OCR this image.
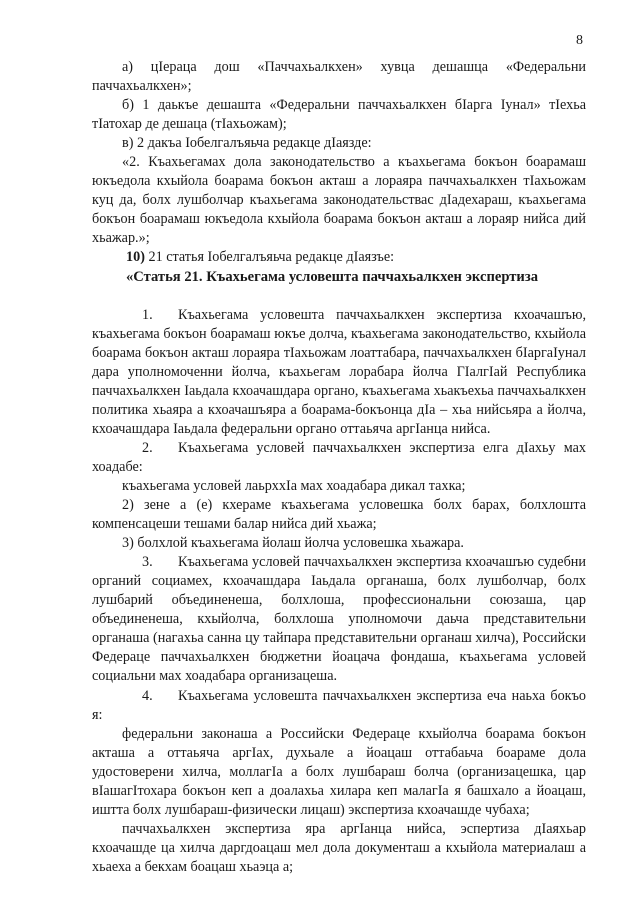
8

а) цIераца дош «Паччахьалкхен» хувца дешашца «Федеральни паччахьалкхен»;

б) 1 даькъе дешашта «Федеральни паччахьалкхен бIарга Iунал» тIехьа тIатохар де дешаца (тIахьожам);

в) 2 дакъа Iобелгалъяьча редакце дIаязде:

«2. Къахьегамах дола законодательство а къахьегама бокъон боарамаш юкъедола кхыйола боарама бокъон акташ а лораяра паччахьалкхен тIахьожам куц да, болх лушболчар къахьегама законодательствас дIадехараш, къахьегама бокъон боарамаш юкъедола кхыйола боарама бокъон акташ а лораяр нийса дий хьажар.»;

10) 21 статья Iобелгалъяьча редакце дIаязъе:

«Статья 21. Къахьегама условешта паччахьалкхен экспертиза

1. Къахьегама условешта паччахьалкхен экспертиза кхоачашъю, къахьегама бокъон боарамаш юкъе долча, къахьегама законодательство, кхыйола боарама бокъон акташ лораяра тIахьожам лоаттабара, паччахьалкхен бIаргаIунал дара уполномоченни йолча, къахьегам лорабара йолча ГIалгIай Республика паччахьалкхен Iаьдала кхоачашдара органо, къахьегама хьакъехьа паччахьалкхен политика хьаяра а кхоачашъяра а боарама-бокъонца дIа – хьа нийсьяра а йолча, кхоачашдара Iаьдала федеральни органо оттаьяча аргIанца нийса.

2. Къахьегама условей паччахьалкхен экспертиза елга дIахьу мах хоадабе:

къахьегама условей лаьрххIа мах хоадабара дикал тахка;

2) зене а (е) кхераме къахьегама условешка болх барах, болхлошта компенсацеши тешами балар нийса дий хьажа;

3) болхлой къахьегама йолаш йолча условешка хьажара.

3. Къахьегама условей паччахьалкхен экспертиза кхоачашъю судебни органий социамех, кхоачашдара Iаьдала органаша, болх лушболчар, болх лушбарий объединенеша, болхлоша, профессиональни союзаша, цар объединенеша, кхыйолча, болхлоша уполномочи даьча представительни органаша (нагахьа санна цу тайпара представительни органаш хилча), Российски Федераце паччахьалкхен бюджетни йоацача фондаша, къахьегама условей социальни мах хоадабара организацеша.

4. Къахьегама условешта паччахьалкхен экспертиза еча наьха бокъо я:

федеральни законаша а Российски Федераце кхыйолча боарама бокъон акташа а оттаьяча аргIах, духьале а йоацаш оттабаьча боараме дола удостоверени хилча, моллагIа а болх лушбараш болча (организацешка, цар вIашагIтохара бокъон кеп а доалахьа хилара кеп малагIа я башхало а йоацаш, иштта болх лушбараш-физически лицаш) экспертиза кхоачашде чубаха;

паччахьалкхен экспертиза яра аргIанца нийса, эспертиза дIаяхьар кхоачашде ца хилча даргдоацаш мел дола документаш а кхыйола материалаш а хьаеха а бекхам боацаш хьаэца а;
